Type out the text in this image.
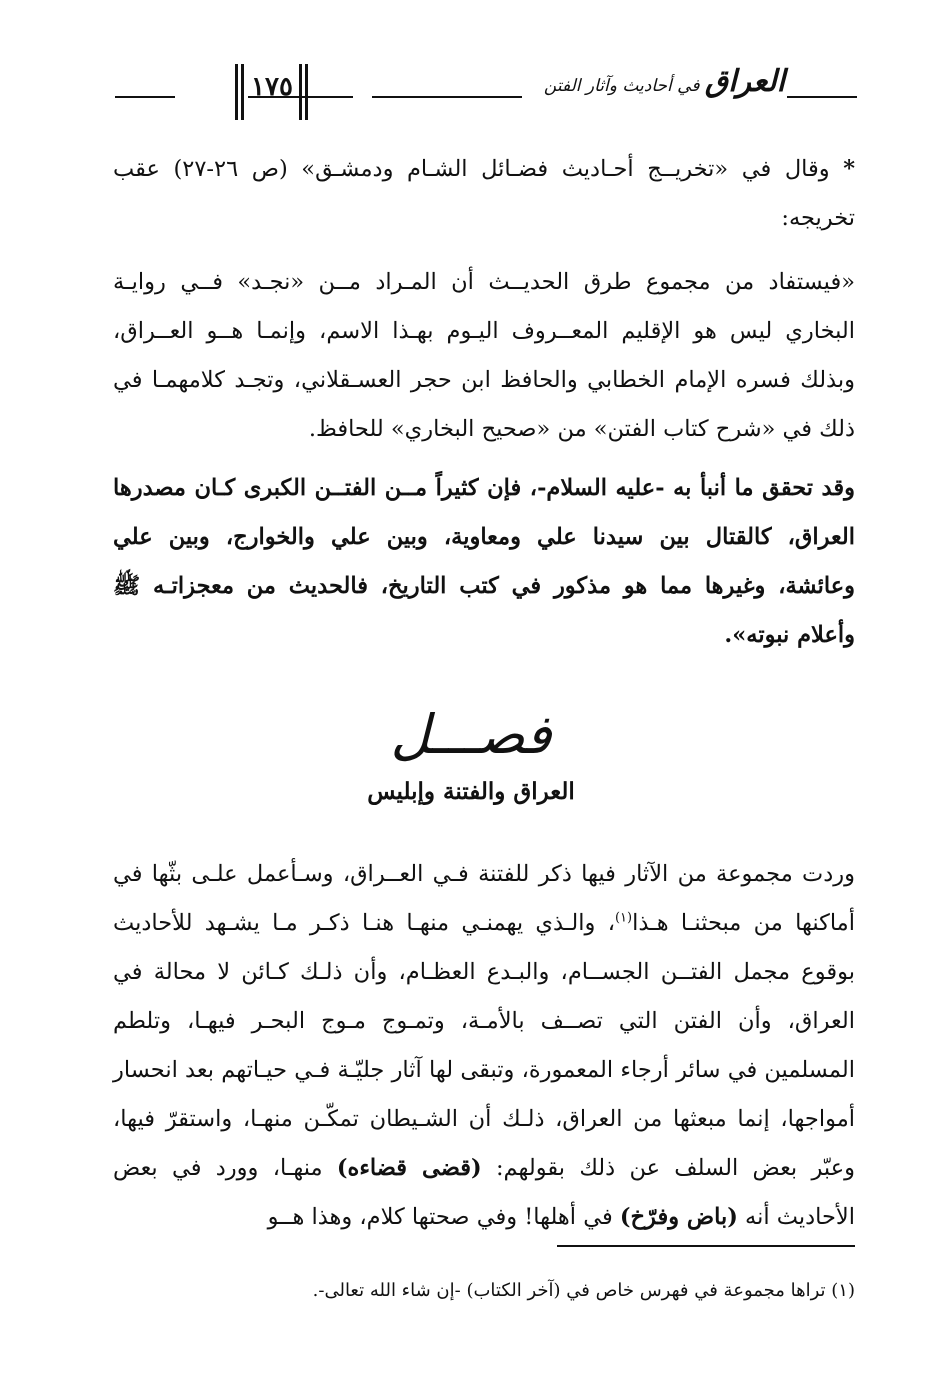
العراق في أحاديث وآثار الفتن
١٧٥

* وقال في «تخريــج أحـاديث فضـائل الشـام ودمشـق» (ص ٢٦-٢٧) عقب تخريجه:

«فيستفاد من مجموع طرق الحديــث أن المـراد مــن «نجـد» فــي روايـة البخاري ليس هو الإقليم المعــروف اليـوم بهـذا الاسم، وإنمـا هــو العــراق، وبذلك فسره الإمام الخطابي والحافظ ابن حجر العسـقلاني، وتجـد كلامهمـا في ذلك في «شرح كتاب الفتن» من «صحيح البخاري» للحافظ.

وقد تحقق ما أنبأ به -عليه السلام-، فإن كثيراً مــن الفتــن الكبرى كـان مصدرها العراق، كالقتال بين سيدنا علي ومعاوية، وبين علي والخوارج، وبين علي وعائشة، وغيرها مما هو مذكور في كتب التاريخ، فالحديث من معجزاتـه ﷺ وأعلام نبوته».

فصـــل
العراق والفتنة وإبليس

وردت مجموعة من الآثار فيها ذكر للفتنة فـي العــراق، وسـأعمل علـى بثّها في أماكنها من مبحثنـا هـذا$^{(١)}$، والـذي يهمنـي منهـا هنـا ذكـر مـا يشـهد للأحاديث بوقوع مجمل الفتــن الجســام، والبـدع العظـام، وأن ذلـك كـائن لا محالة في العراق، وأن الفتن التي تصــف بالأمـة، وتمـوج مـوج البحـر فيهـا، وتلطم المسلمين في سائر أرجاء المعمورة، وتبقى لها آثار جليّـة فـي حيـاتهم بعد انحسار أمواجها، إنما مبعثها من العراق، ذلـك أن الشـيطان تمكّـن منهـا، واستقرّ فيها، وعبّر بعض السلف عن ذلك بقولهم: (قضى قضاءه) منهـا، وورد في بعض الأحاديث أنه (باض وفرّخ) في أهلها! وفي صحتها كلام، وهذا هــو

(١) تراها مجموعة في فهرس خاص في (آخر الكتاب) -إن شاء الله تعالى-.
